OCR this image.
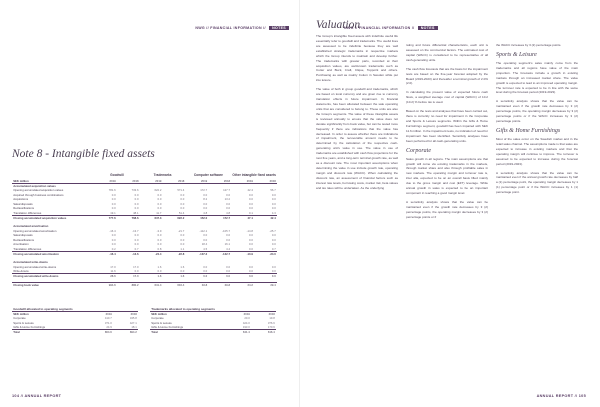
NWG // FINANCIAL INFORMATION // NOTES
Note 8 - Intangible fixed assets
	Goodwill		Trademarks		Computer software		Other intangible fixed assets	
SEK million	2019	2018	2019	2018	2019	2018	2019	2018
Accumulated acquisition values								
Opening accumulated acquisition values	781.6	733.6	622.2	571.4	172.7	127.7	42.4	56.7
Acquired through business combinations	0.0	0.0	0.0	0.0	0.0	0.0	0.0	0.0
Acquisitions	0.0	0.0	0.0	0.0	8.2	13.2	0.0	0.0
Sales/disposals	0.0	0.0	0.0	0.0	0.0	0.0	0.0	0.0
Reclassifications	0.0	0.0	0.0	0.0	0.0	0.0	0.0	0.0
Translation differences	19.1	48.1	11.7	51.4	4.8	4.8	0.1	4.3
Closing accumulated acquisition values	777.6	768.6	647.3	622.2	152.0	172.7	47.1	42.4

Accumulated amortisation								
Opening accumulated amortisation	-16.4	-13.7	-3.9	-21.7	-112.1	-105.7	-14.8	-25.7
Sales/disposals	0.0	0.0	0.0	0.0	0.0	0.0	0.0	0.0
Reclassifications	0.0	0.0	0.0	0.0	0.0	0.0	0.0	0.0
Amortisation	0.0	0.0	0.0	0.0	18.4	16.1	0.0	0.0
Translation differences	0.2	0.7	0.8	1.1	4.5	4.4	0.0	0.7
Closing accumulated amortisation	-16.4	-13.6	-24.4	-22.8	-137.2	-122.7	-10.9	-24.0

Accumulated write-downs								
Opening accumulated write-downs	17.0	17.0	1.6	1.6	0.0	0.0	0.0	0.0
Write-downs	11.6	0.0	0.0	0.0	0.0	0.0	0.0	0.0
Closing accumulated write-downs	28.6	17.0	1.6	1.6	0.0	0.0	0.0	0.0

Closing book value	994.6	880.2	641.4	616.4	33.8	29.8	24.2	29.4
Goodwill allocated to operating segments		
SEK million	2019	2018
Corporate	410.7	345.8
Sports & Leisure	371.0	427.1
Gifts & Home Furnishings	24.9	18.1
Total	804.6	894.2
Trademarks allocated to operating segments		
SEK million	2019	2018
Corporate	20.0	19.8
Sports & Leisure	424.0	376.6
Gifts & Home Furnishings	193.0	170.6
Total	641.4	616.4
104 // ANNUAL REPORT
NWG // FINANCIAL INFORMATION // NOTES
Valuation

The Group's intangible fixed assets with indefinite useful life essentially refer to goodwill and trademarks. The useful lives are assessed to be indefinite because they are well established strategic trademarks in respective markets which the Group intends to maintain and develop further. The trademarks with greater parts, recorded at their acquisition values, are well-known trademarks such as Cutter and Buck, Craft, Clique, Toppoint and others. Purchasing as well as mainly Cotton in Sweden while put into leisure.

The value of both in group goodwill and trademarks, which are based on local currency and are given rise to currency translation effects in future impairment. In financial statements, has been allocated between the sale operating units that are considered to belong to. These units are also the Group's segments. The value of these intangible assets is reviewed annually to ensure that the value does not deviate significantly from book value, but can be tested more frequently if there are indications that the value has decreased. In order to assess whether there are indications of impairment, the recoverable amount needs to be determined by the calculation of the respective cash-generating unit's value in use. The value in use of trademarks are established with cash flow projections for the next five years, and a long-term terminal growth rate, as well as a discount rate. The most important assumptions when determining the value in use include growth rate, operating margin and discount rate (WACC). When calculating the discount rate, an assessment of financial factors such as interest rate levels, borrowing costs, market risk, beta values and tax rates will be undertaken. As the underlying

rating and future differential characteristics, each unit is assessed on the commercial factors. The estimated cost of capital (WACC) is considered to be representative of all cash-generating units.

The cash flow forecasts that are the basis for the impairment tests are based on the five-year forecast adopted by the Board (2019-2023) and thereafter a terminal growth of 2.0% (2.0).

In calculating the present value of expected future cash flows, a weighted average cost of capital (WACC) of 10.2 (10.2) % before tax is used.

Based on the tests and analyses that have been carried out, there is currently no need for impairment in the Corporate and Sports & Leisure segments. Within the Gifts & Home Furnishings segment, goodwill has been impaired with SEK 11.6 million. In the impairment tests, no indication of need for impairment has been identified. Sensitivity analyses have been performed for all cash-generating units.

Corporate

Sales growth in all regions. The main assumptions are that growth will come via existing trademarks in the markets, through market share and also through profitable sales in new markets. The operating margin and turnover rate is, inter alia, expected to be on an overall basis lifted mainly due to the gross margin and cost (EFT) leverage. While annual growth in sales is expected to be an important component in reaching a good margin level.

A sensitivity analysis shows that the value can be maintained even if the growth rate decreases by 3 (2) percentage points, the operating margin decreases by 3 (2) percentage points or if

the WACC increases by 3 (2) percentage points.

Sports & Leisure

The operating segment's sales mainly come from the trademarks and all regions have value of the main proportion. The forecasts include a growth in existing markets through an increased market share. The value growth is expected to lead to an improved operating margin. The turnover rate is expected to be in line with the same level during the forecast period (2019-2023).

A sensitivity analysis shows that the value can be maintained even if the growth rate decreases by 3 (2) percentage points, the operating margin decreases by 3 (2) percentage points or if the WACC increases by 3 (2) percentage points.

Gifts & Home Furnishings

Most of the sales occur on the Swedish market and in the retail sales channel. The assumptions made is that sales are expected to increase in existing markets and that the operating margin will continue to improve. The turnover is assumed to be expected to increase during the forecast period (2019-2023).

A sensitivity analysis shows that the value can be maintained even if the annual growth rate decreases by half a (1) percentage point, the operating margin decreases by 1 (1) percentage point or if the WACC increases by 1 (1) percentage point.

ANNUAL REPORT // 105
